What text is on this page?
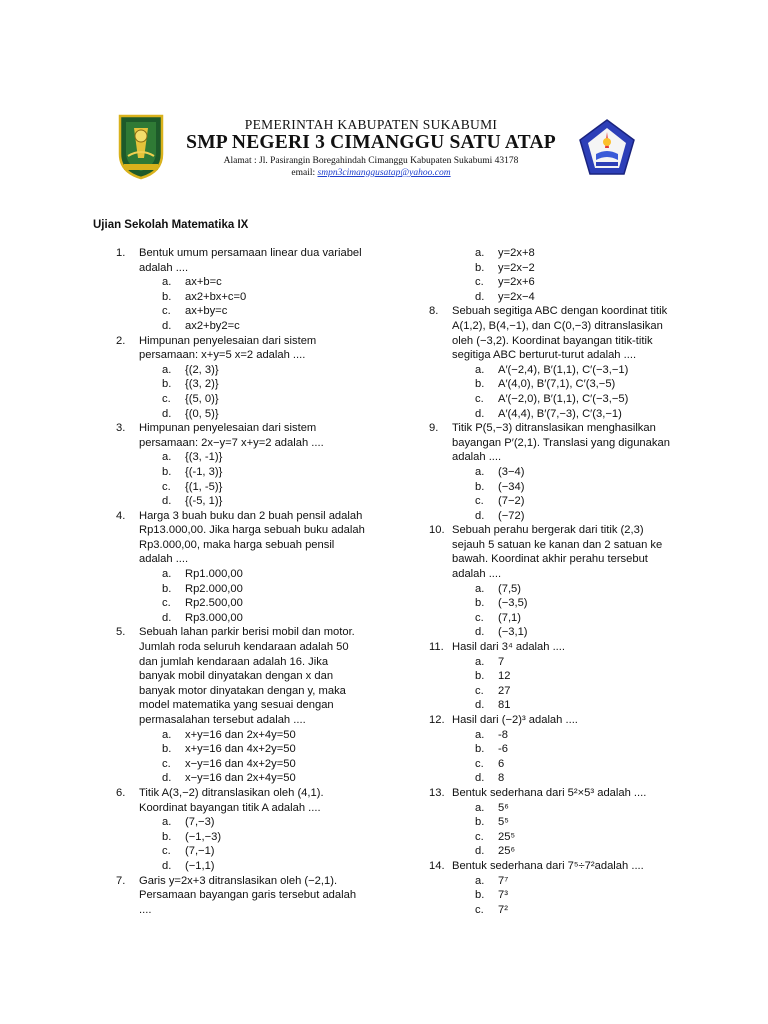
PEMERINTAH KABUPATEN SUKABUMI
SMP NEGERI 3 CIMANGGU SATU ATAP
Alamat : Jl. Pasirangin Boregahindah Cimanggu Kabupaten Sukabumi 43178
email: smpn3cimanggusatap@yahoo.com
Ujian Sekolah Matematika IX
1.	Bentuk umum persamaan linear dua variabel adalah ....
a.	ax+b=c
b.	ax2+bx+c=0
c.	ax+by=c
d.	ax2+by2=c
2.	Himpunan penyelesaian dari sistem persamaan: x+y=5 x=2 adalah ....
a.	{(2, 3)}
b.	{(3, 2)}
c.	{(5, 0)}
d.	{(0, 5)}
3.	Himpunan penyelesaian dari sistem persamaan: 2x−y=7 x+y=2 adalah ....
a.	{(3, -1)}
b.	{(-1, 3)}
c.	{(1, -5)}
d.	{(-5, 1)}
4.	Harga 3 buah buku dan 2 buah pensil adalah Rp13.000,00. Jika harga sebuah buku adalah Rp3.000,00, maka harga sebuah pensil adalah ....
a.	Rp1.000,00
b.	Rp2.000,00
c.	Rp2.500,00
d.	Rp3.000,00
5.	Sebuah lahan parkir berisi mobil dan motor. Jumlah roda seluruh kendaraan adalah 50 dan jumlah kendaraan adalah 16. Jika banyak mobil dinyatakan dengan x dan banyak motor dinyatakan dengan y, maka model matematika yang sesuai dengan permasalahan tersebut adalah ....
a.	x+y=16 dan 2x+4y=50
b.	x+y=16 dan 4x+2y=50
c.	x−y=16 dan 4x+2y=50
d.	x−y=16 dan 2x+4y=50
6.	Titik A(3,−2) ditranslasikan oleh (4,1). Koordinat bayangan titik A adalah ....
a.	(7,−3)
b.	(−1,−3)
c.	(7,−1)
d.	(−1,1)
7.	Garis y=2x+3 ditranslasikan oleh (−2,1). Persamaan bayangan garis tersebut adalah ....
a.	y=2x+8
b.	y=2x−2
c.	y=2x+6
d.	y=2x−4
8.	Sebuah segitiga ABC dengan koordinat titik A(1,2), B(4,−1), dan C(0,−3) ditranslasikan oleh (−3,2). Koordinat bayangan titik-titik segitiga ABC berturut-turut adalah ....
a.	A′(−2,4), B′(1,1), C′(−3,−1)
b.	A′(4,0), B′(7,1), C′(3,−5)
c.	A′(−2,0), B′(1,1), C′(−3,−5)
d.	A′(4,4), B′(7,−3), C′(3,−1)
9.	Titik P(5,−3) ditranslasikan menghasilkan bayangan P′(2,1). Translasi yang digunakan adalah ....
a.	(3−4)
b.	(−34)
c.	(7−2)
d.	(−72)
10. Sebuah perahu bergerak dari titik (2,3) sejauh 5 satuan ke kanan dan 2 satuan ke bawah. Koordinat akhir perahu tersebut adalah ....
a.	(7,5)
b.	(−3,5)
c.	(7,1)
d.	(−3,1)
11. Hasil dari 3⁴ adalah ....
a.	7
b.	12
c.	27
d.	81
12. Hasil dari (−2)³ adalah ....
a.	-8
b.	-6
c.	6
d.	8
13. Bentuk sederhana dari 5²×5³ adalah ....
a.	5⁶
b.	5⁵
c.	25⁵
d.	25⁶
14. Bentuk sederhana dari 7⁵÷7²adalah ....
a.	7⁷
b.	7³
c.	7²
